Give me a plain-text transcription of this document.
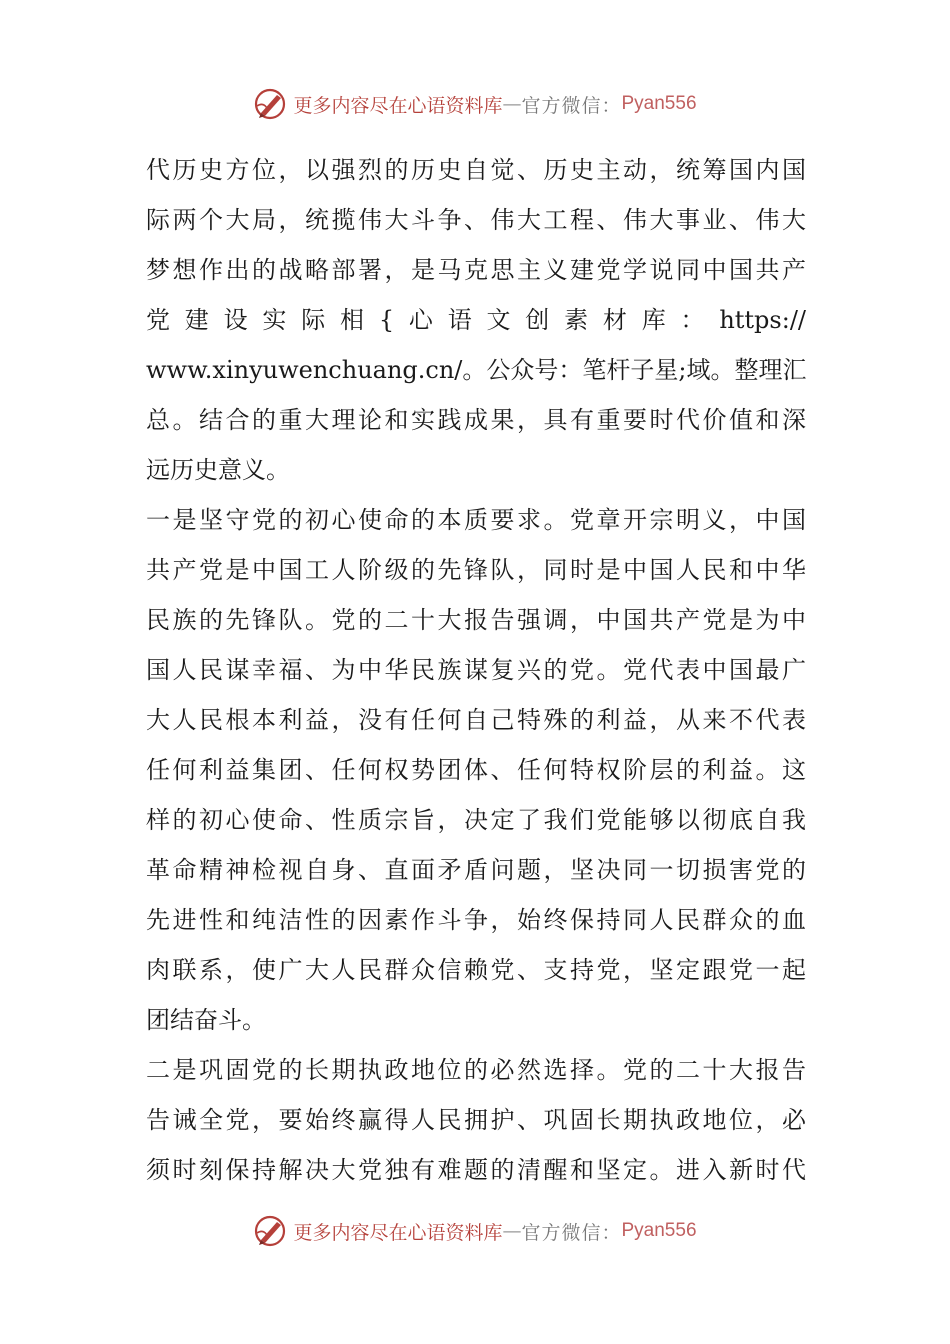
更多内容尽在心语资料库 — 官方微信： Pyan556
代历史方位，以强烈的历史自觉、历史主动，统筹国内国
际两个大局，统揽伟大斗争、伟大工程、伟大事业、伟大
梦想作出的战略部署，是马克思主义建党学说同中国共产
党建设实际相{心语文创素材库：https://
www.xinyuwenchuang.cn/。公众号：笔杆子星;域。整理汇
总。结合的重大理论和实践成果，具有重要时代价值和深
远历史意义。
一是坚守党的初心使命的本质要求。党章开宗明义，中国
共产党是中国工人阶级的先锋队，同时是中国人民和中华
民族的先锋队。党的二十大报告强调，中国共产党是为中
国人民谋幸福、为中华民族谋复兴的党。党代表中国最广
大人民根本利益，没有任何自己特殊的利益，从来不代表
任何利益集团、任何权势团体、任何特权阶层的利益。这
样的初心使命、性质宗旨，决定了我们党能够以彻底自我
革命精神检视自身、直面矛盾问题，坚决同一切损害党的
先进性和纯洁性的因素作斗争，始终保持同人民群众的血
肉联系，使广大人民群众信赖党、支持党，坚定跟党一起
团结奋斗。
二是巩固党的长期执政地位的必然选择。党的二十大报告
告诫全党，要始终赢得人民拥护、巩固长期执政地位，必
须时刻保持解决大党独有难题的清醒和坚定。进入新时代
更多内容尽在心语资料库 — 官方微信： Pyan556
